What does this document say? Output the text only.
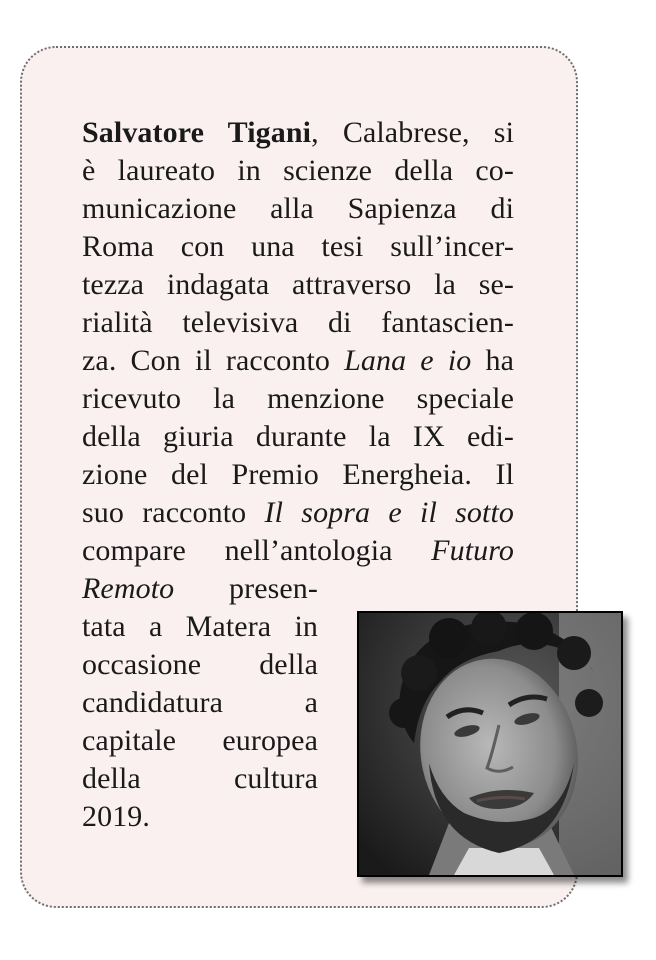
Salvatore Tigani, Calabrese, si
è laureato in scienze della co-
municazione alla Sapienza di
Roma con una tesi sull’incer-
tezza indagata attraverso la se-
rialità televisiva di fantascien-
za. Con il racconto Lana e io ha
ricevuto la menzione speciale
della giuria durante la IX edi-
zione del Premio Energheia. Il
suo racconto Il sopra e il sotto
compare nell’antologia Futuro
Remoto presen-
tata a Matera in
occasione della
candidatura a
capitale europea
della cultura
2019.
